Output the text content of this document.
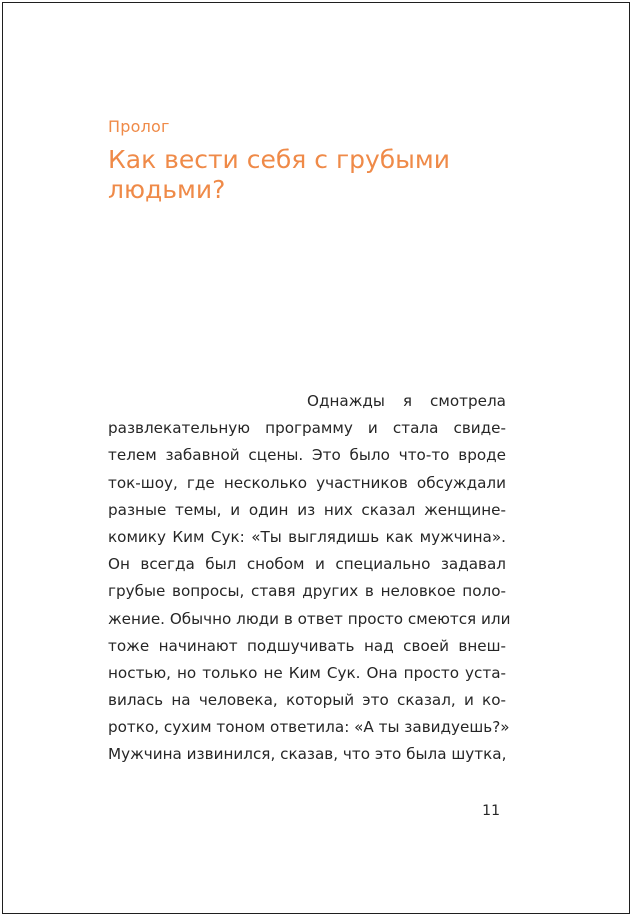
Пролог
Как вести себя с грубыми
людьми?
Однажды я смотрела
развлекательную программу и стала свиде-
телем забавной сцены. Это было что-то вроде
ток-шоу, где несколько участников обсуждали
разные темы, и один из них сказал женщине-
комику Ким Сук: «Ты выглядишь как мужчина».
Он всегда был снобом и специально задавал
грубые вопросы, ставя других в неловкое поло-
жение. Обычно люди в ответ просто смеются или
тоже начинают подшучивать над своей внеш-
ностью, но только не Ким Сук. Она просто уста-
вилась на человека, который это сказал, и ко-
ротко, сухим тоном ответила: «А ты завидуешь?»
Мужчина извинился, сказав, что это была шутка,
11
